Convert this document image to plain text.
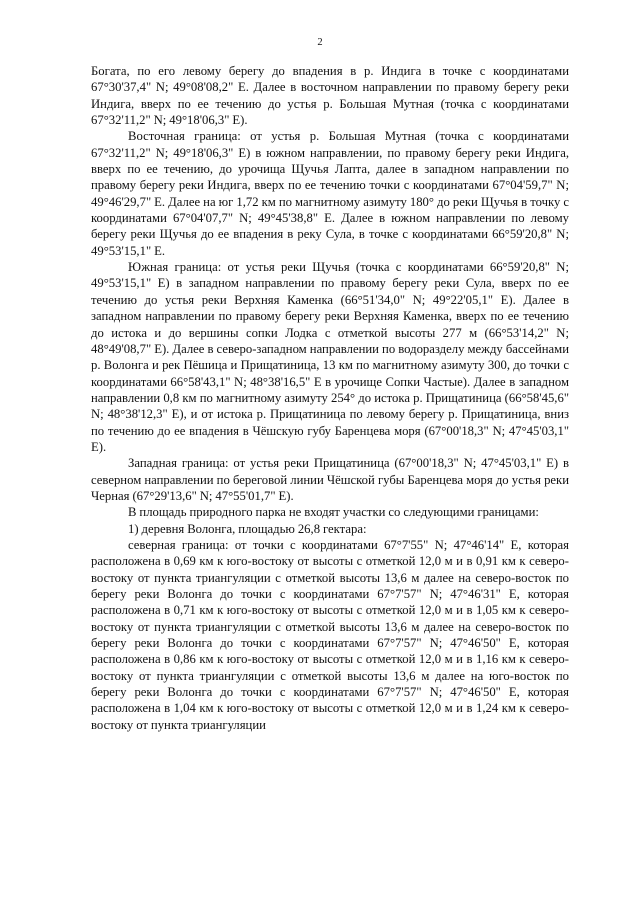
2

Богата, по его левому берегу до впадения в р. Индига в точке с координатами 67°30'37,4" N; 49°08'08,2" E. Далее в восточном направлении по правому берегу реки Индига, вверх по ее течению до устья р. Большая Мутная (точка с координатами 67°32'11,2" N; 49°18'06,3" E).

Восточная граница: от устья р. Большая Мутная (точка с координатами 67°32'11,2" N; 49°18'06,3" E) в южном направлении, по правому берегу реки Индига, вверх по ее течению, до урочища Щучья Лапта, далее в западном направлении по правому берегу реки Индига, вверх по ее течению точки с координатами 67°04'59,7" N; 49°46'29,7" E. Далее на юг 1,72 км по магнитному азимуту 180° до реки Щучья в точку с координатами 67°04'07,7" N; 49°45'38,8" E. Далее в южном направлении по левому берегу реки Щучья до ее впадения в реку Сула, в точке с координатами 66°59'20,8" N; 49°53'15,1" E.

Южная граница: от устья реки Щучья (точка с координатами 66°59'20,8" N; 49°53'15,1" E) в западном направлении по правому берегу реки Сула, вверх по ее течению до устья реки Верхняя Каменка (66°51'34,0" N; 49°22'05,1" E). Далее в западном направлении по правому берегу реки Верхняя Каменка, вверх по ее течению до истока и до вершины сопки Лодка с отметкой высоты 277 м (66°53'14,2" N; 48°49'08,7" E). Далее в северо-западном направлении по водоразделу между бассейнами р. Волонга и рек Пёшица и Прищатиница, 13 км по магнитному азимуту 300, до точки с координатами 66°58'43,1" N; 48°38'16,5" E в урочище Сопки Частые). Далее в западном направлении 0,8 км по магнитному азимуту 254° до истока р. Прищатиница (66°58'45,6" N; 48°38'12,3" E), и от истока р. Прищатиница по левому берегу р. Прищатиница, вниз по течению до ее впадения в Чёшскую губу Баренцева моря (67°00'18,3" N; 47°45'03,1" E).

Западная граница: от устья реки Прищатиница (67°00'18,3" N; 47°45'03,1" E) в северном направлении по береговой линии Чёшской губы Баренцева моря до устья реки Черная (67°29'13,6" N; 47°55'01,7" E).

В площадь природного парка не входят участки со следующими границами:

1) деревня Волонга, площадью 26,8 гектара:

северная граница: от точки с координатами 67°7'55" N; 47°46'14" E, которая расположена в 0,69 км к юго-востоку от высоты с отметкой 12,0 м и в 0,91 км к северо-востоку от пункта триангуляции с отметкой высоты 13,6 м далее на северо-восток по берегу реки Волонга до точки с координатами 67°7'57" N; 47°46'31" E, которая расположена в 0,71 км к юго-востоку от высоты с отметкой 12,0 м и в 1,05 км к северо-востоку от пункта триангуляции с отметкой высоты 13,6 м далее на северо-восток по берегу реки Волонга до точки с координатами 67°7'57" N; 47°46'50" E, которая расположена в 0,86 км к юго-востоку от высоты с отметкой 12,0 м и в 1,16 км к северо-востоку от пункта триангуляции с отметкой высоты 13,6 м далее на юго-восток по берегу реки Волонга до точки с координатами 67°7'57" N; 47°46'50" E, которая расположена в 1,04 км к юго-востоку от высоты с отметкой 12,0 м и в 1,24 км к северо-востоку от пункта триангуляции
